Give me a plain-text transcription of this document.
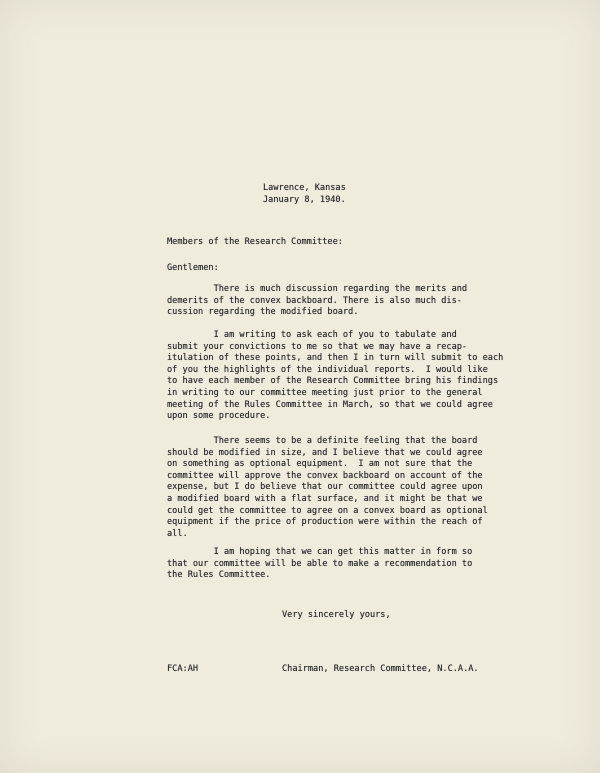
Lawrence, Kansas
January 8, 1940.
Members of the Research Committee:
Gentlemen:
There is much discussion regarding the merits and
demerits of the convex backboard. There is also much dis-
cussion regarding the modified board.
I am writing to ask each of you to tabulate and
submit your convictions to me so that we may have a recap-
itulation of these points, and then I in turn will submit to each
of you the highlights of the individual reports.  I would like
to have each member of the Research Committee bring his findings
in writing to our committee meeting just prior to the general
meeting of the Rules Committee in March, so that we could agree
upon some procedure.
There seems to be a definite feeling that the board
should be modified in size, and I believe that we could agree
on something as optional equipment.  I am not sure that the
committee will approve the convex backboard on account of the
expense, but I do believe that our committee could agree upon
a modified board with a flat surface, and it might be that we
could get the committee to agree on a convex board as optional
equipment if the price of production were within the reach of
all.
I am hoping that we can get this matter in form so
that our committee will be able to make a recommendation to
the Rules Committee.
Very sincerely yours,
FCA:AH	Chairman, Research Committee, N.C.A.A.
